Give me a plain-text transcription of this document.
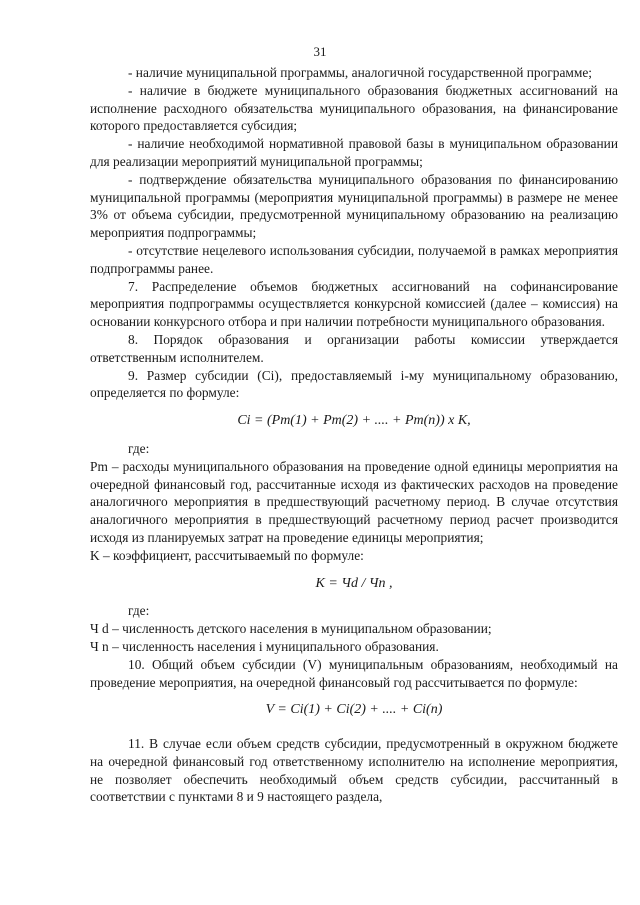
31

- наличие муниципальной программы, аналогичной государственной программе;

- наличие в бюджете муниципального образования бюджетных ассигнований на исполнение расходного обязательства муниципального образования, на финансирование которого предоставляется субсидия;

- наличие необходимой нормативной правовой базы в муниципальном образовании для реализации мероприятий муниципальной программы;

- подтверждение обязательства муниципального образования по финансированию муниципальной программы (мероприятия муниципальной программы) в размере не менее 3% от объема субсидии, предусмотренной муниципальному образованию на реализацию мероприятия подпрограммы;

- отсутствие нецелевого использования субсидии, получаемой в рамках мероприятия подпрограммы ранее.

7. Распределение объемов бюджетных ассигнований на софинансирование мероприятия подпрограммы осуществляется конкурсной комиссией (далее – комиссия) на основании конкурсного отбора и при наличии потребности муниципального образования.

8. Порядок образования и организации работы комиссии утверждается ответственным исполнителем.

9. Размер субсидии (Ci), предоставляемый i-му муниципальному образованию, определяется по формуле:

Ci = (Pm(1) + Pm(2) + .... + Pm(n)) x K,

где:

Pm – расходы муниципального образования на проведение одной единицы мероприятия на очередной финансовый год, рассчитанные исходя из фактических расходов на проведение аналогичного мероприятия в предшествующий расчетному период. В случае отсутствия аналогичного мероприятия в предшествующий расчетному период расчет производится исходя из планируемых затрат на проведение единицы мероприятия;

K – коэффициент, рассчитываемый по формуле:

K = Чd / Чn ,

где:

Ч d – численность детского населения в муниципальном образовании;

Ч n – численность населения i муниципального образования.

10. Общий объем субсидии (V) муниципальным образованиям, необходимый на проведение мероприятия, на очередной финансовый год рассчитывается по формуле:

V = Ci(1) + Ci(2) + .... + Ci(n)

11. В случае если объем средств субсидии, предусмотренный в окружном бюджете на очередной финансовый год ответственному исполнителю на исполнение мероприятия, не позволяет обеспечить необходимый объем средств субсидии, рассчитанный в соответствии с пунктами 8 и 9 настоящего раздела,
